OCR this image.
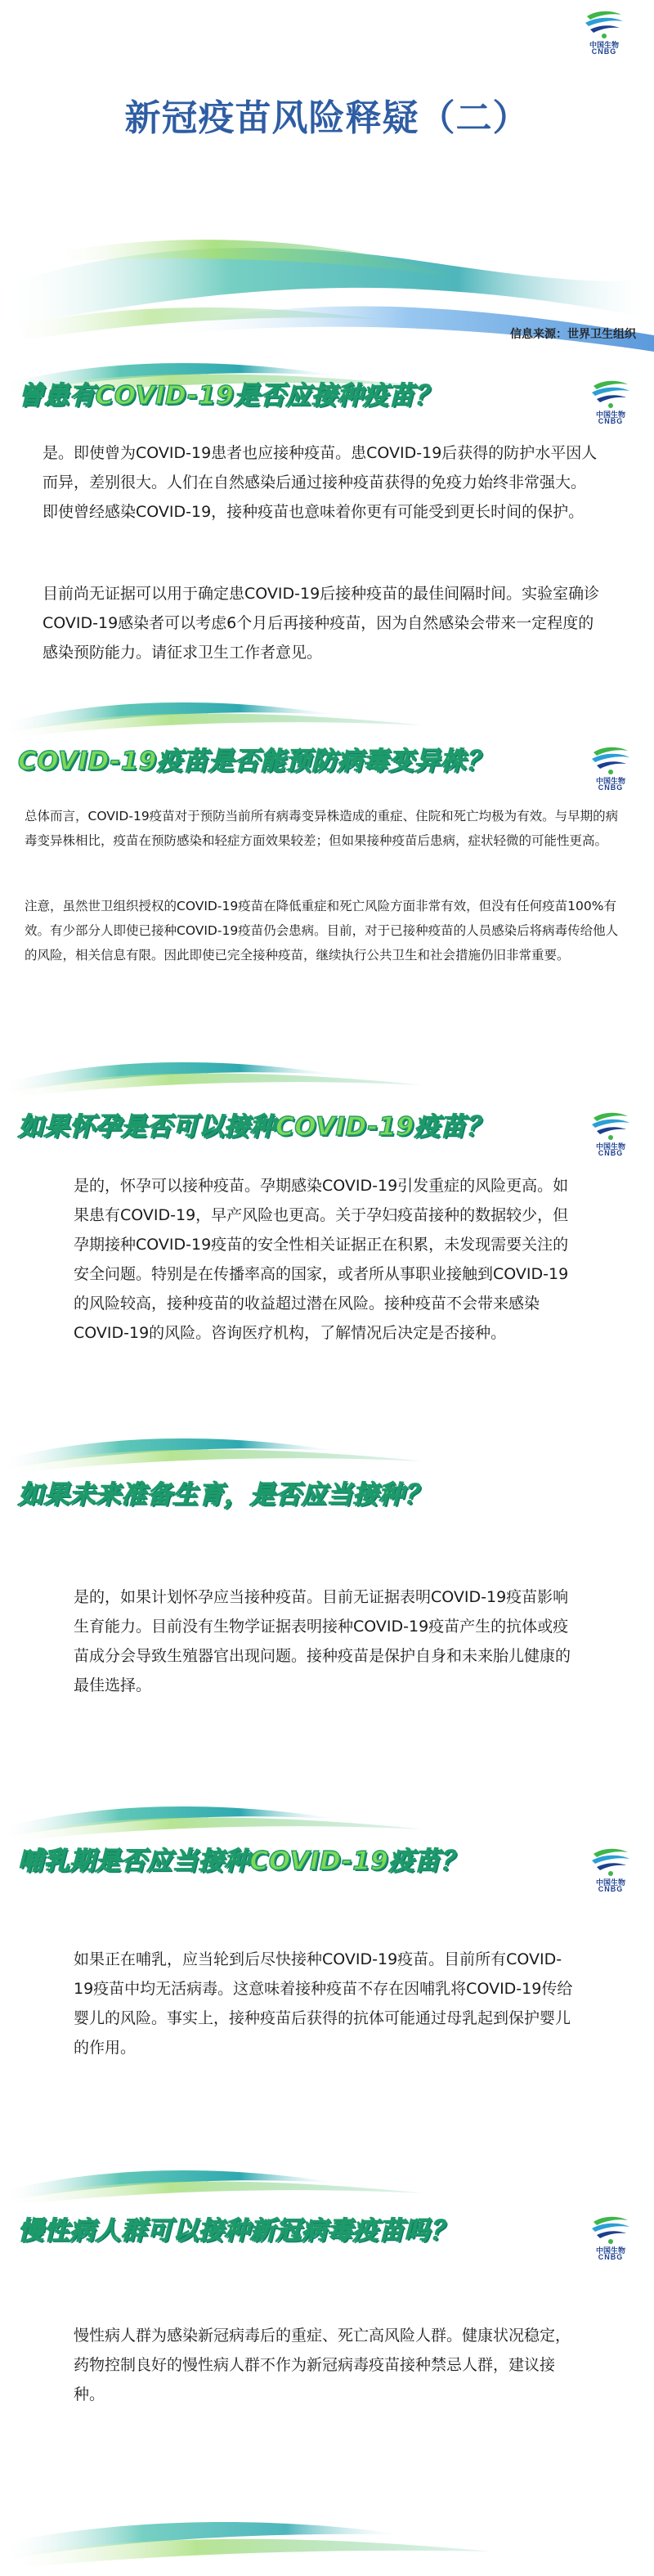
中国生物
CNBG
新冠疫苗风险释疑（二）
信息来源：世界卫生组织
曾患有COVID-19是否应接种疫苗？
中国生物
CNBG
是。即使曾为COVID-19患者也应接种疫苗。患COVID-19后获得的防护水平因人而异，差别很大。人们在自然感染后通过接种疫苗获得的免疫力始终非常强大。即使曾经感染COVID-19，接种疫苗也意味着你更有可能受到更长时间的保护。
目前尚无证据可以用于确定患COVID-19后接种疫苗的最佳间隔时间。实验室确诊COVID-19感染者可以考虑6个月后再接种疫苗，因为自然感染会带来一定程度的感染预防能力。请征求卫生工作者意见。
COVID-19疫苗是否能预防病毒变异株？
中国生物
CNBG
总体而言，COVID-19疫苗对于预防当前所有病毒变异株造成的重症、住院和死亡均极为有效。与早期的病毒变异株相比，疫苗在预防感染和轻症方面效果较差；但如果接种疫苗后患病，症状轻微的可能性更高。
注意，虽然世卫组织授权的COVID-19疫苗在降低重症和死亡风险方面非常有效，但没有任何疫苗100%有效。有少部分人即使已接种COVID-19疫苗仍会患病。目前，对于已接种疫苗的人员感染后将病毒传给他人的风险，相关信息有限。因此即使已完全接种疫苗，继续执行公共卫生和社会措施仍旧非常重要。
如果怀孕是否可以接种COVID-19疫苗？
中国生物
CNBG
是的，怀孕可以接种疫苗。孕期感染COVID-19引发重症的风险更高。如果患有COVID-19，早产风险也更高。关于孕妇疫苗接种的数据较少，但孕期接种COVID-19疫苗的安全性相关证据正在积累，未发现需要关注的安全问题。特别是在传播率高的国家，或者所从事职业接触到COVID-19的风险较高，接种疫苗的收益超过潜在风险。接种疫苗不会带来感染COVID-19的风险。咨询医疗机构，了解情况后决定是否接种。
如果未来准备生育，是否应当接种？
是的，如果计划怀孕应当接种疫苗。目前无证据表明COVID-19疫苗影响生育能力。目前没有生物学证据表明接种COVID-19疫苗产生的抗体或疫苗成分会导致生殖器官出现问题。接种疫苗是保护自身和未来胎儿健康的最佳选择。
哺乳期是否应当接种COVID-19疫苗？
中国生物
CNBG
如果正在哺乳，应当轮到后尽快接种COVID-19疫苗。目前所有COVID-19疫苗中均无活病毒。这意味着接种疫苗不存在因哺乳将COVID-19传给婴儿的风险。事实上，接种疫苗后获得的抗体可能通过母乳起到保护婴儿的作用。
慢性病人群可以接种新冠病毒疫苗吗？
中国生物
CNBG
慢性病人群为感染新冠病毒后的重症、死亡高风险人群。健康状况稳定，药物控制良好的慢性病人群不作为新冠病毒疫苗接种禁忌人群，建议接种。
